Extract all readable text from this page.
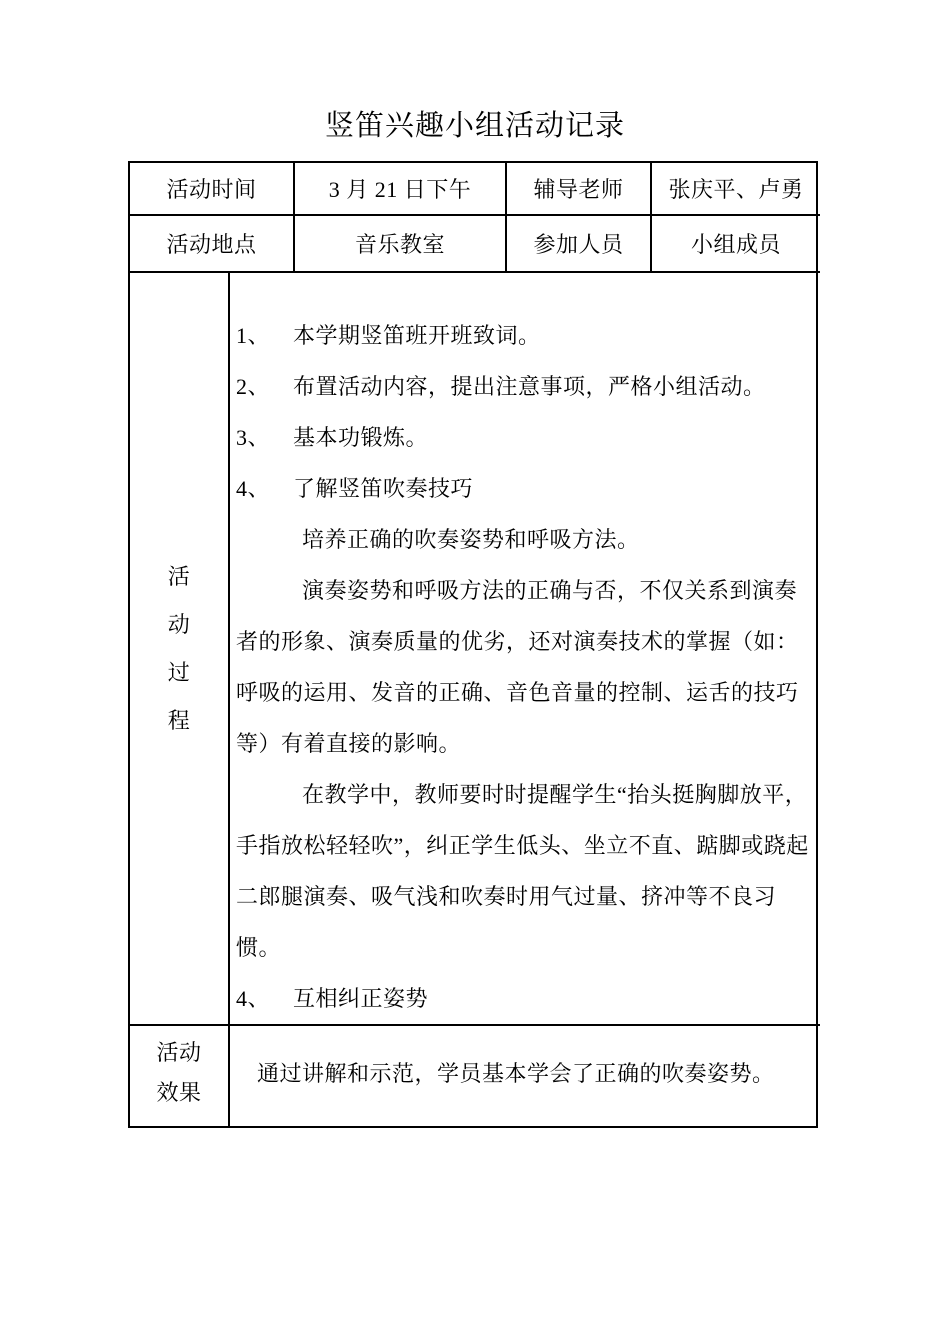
竖笛兴趣小组活动记录
活动时间	3 月 21 日下午	辅导老师	张庆平、卢勇
活动地点	音乐教室	参加人员	小组成员
活
动
过
程

1、 本学期竖笛班开班致词。

2、 布置活动内容，提出注意事项，严格小组活动。

3、 基本功锻炼。

4、 了解竖笛吹奏技巧

培养正确的吹奏姿势和呼吸方法。

演奏姿势和呼吸方法的正确与否，不仅关系到演奏者的形象、演奏质量的优劣，还对演奏技术的掌握（如：呼吸的运用、发音的正确、音色音量的控制、运舌的技巧等）有着直接的影响。

在教学中，教师要时时提醒学生“抬头挺胸脚放平，手指放松轻轻吹”，纠正学生低头、坐立不直、踮脚或跷起二郎腿演奏、吸气浅和吹奏时用气过量、挤冲等不良习惯。

4、 互相纠正姿势

活动
效果
通过讲解和示范，学员基本学会了正确的吹奏姿势。
